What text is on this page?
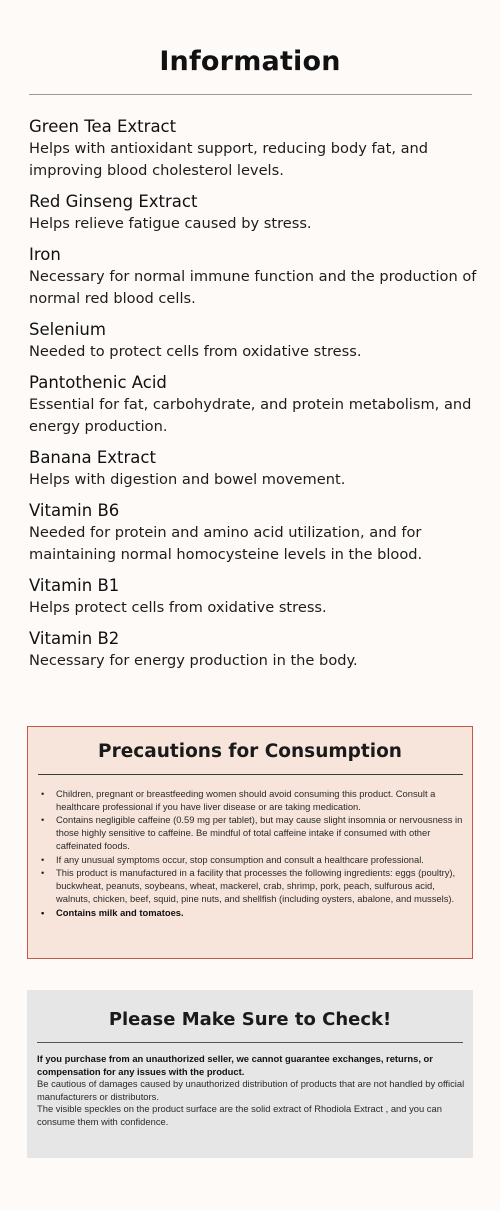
Information
Green Tea Extract
Helps with antioxidant support, reducing body fat, and improving blood cholesterol levels.
Red Ginseng Extract
Helps relieve fatigue caused by stress.
Iron
Necessary for normal immune function and the production of normal red blood cells.
Selenium
Needed to protect cells from oxidative stress.
Pantothenic Acid
Essential for fat, carbohydrate, and protein metabolism, and energy production.
Banana Extract
Helps with digestion and bowel movement.
Vitamin B6
Needed for protein and amino acid utilization, and for maintaining normal homocysteine levels in the blood.
Vitamin B1
Helps protect cells from oxidative stress.
Vitamin B2
Necessary for energy production in the body.
Precautions for Consumption
• Children, pregnant or breastfeeding women should avoid consuming this product. Consult a healthcare professional if you have liver disease or are taking medication.
• Contains negligible caffeine (0.59 mg per tablet), but may cause slight insomnia or nervousness in those highly sensitive to caffeine. Be mindful of total caffeine intake if consumed with other caffeinated foods.
• If any unusual symptoms occur, stop consumption and consult a healthcare professional.
• This product is manufactured in a facility that processes the following ingredients: eggs (poultry), buckwheat, peanuts, soybeans, wheat, mackerel, crab, shrimp, pork, peach, sulfurous acid, walnuts, chicken, beef, squid, pine nuts, and shellfish (including oysters, abalone, and mussels).
• Contains milk and tomatoes.
Please Make Sure to Check!

If you purchase from an unauthorized seller, we cannot guarantee exchanges, returns, or compensation for any issues with the product.

Be cautious of damages caused by unauthorized distribution of products that are not handled by official manufacturers or distributors.

The visible speckles on the product surface are the solid extract of Rhodiola Extract , and you can consume them with confidence.
